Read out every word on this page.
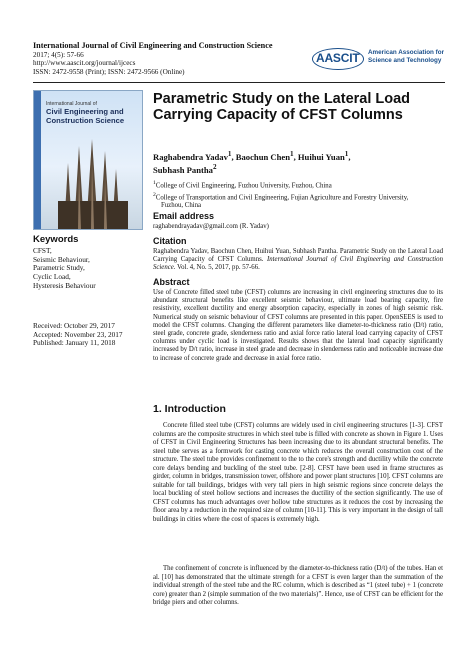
International Journal of Civil Engineering and Construction Science
2017; 4(5): 57-66
http://www.aascit.org/journal/ijcecs
ISSN: 2472-9558 (Print); ISSN: 2472-9566 (Online)
AASCIT American Association for Science and Technology
International Journal of
Civil Engineering and Construction Science
Keywords
CFST,
Seismic Behaviour,
Parametric Study,
Cyclic Load,
Hysteresis Behaviour
Received: October 29, 2017
Accepted: November 23, 2017
Published: January 11, 2018
Parametric Study on the Lateral Load Carrying Capacity of CFST Columns
Raghabendra Yadav$^1$, Baochun Chen$^1$, Huihui Yuan$^1$,
Subhash Pantha$^2$
$^1$College of Civil Engineering, Fuzhou University, Fuzhou, China
$^2$College of Transportation and Civil Engineering, Fujian Agriculture and Forestry University,
Fuzhou, China
Email address
raghabendrayadav@gmail.com (R. Yadav)
Citation
Raghabendra Yadav, Baochun Chen, Huihui Yuan, Subhash Pantha. Parametric Study on the Lateral Load Carrying Capacity of CFST Columns. International Journal of Civil Engineering and Construction Science. Vol. 4, No. 5, 2017, pp. 57-66.
Abstract
Use of Concrete filled steel tube (CFST) columns are increasing in civil engineering structures due to its abundant structural benefits like excellent seismic behaviour, ultimate load bearing capacity, fire resistivity, excellent ductility and energy absorption capacity, especially in zones of high seismic risk. Numerical study on seismic behaviour of CFST columns are presented in this paper. OpenSEES is used to model the CFST columns. Changing the different parameters like diameter-to-thickness ratio (D/t) ratio, steel grade, concrete grade, slenderness ratio and axial force ratio lateral load carrying capacity of CFST columns under cyclic load is investigated. Results shows that the lateral load capacity significantly increased by D/t ratio, increase in steel grade and decrease in slenderness ratio and noticeable increase due to increase of concrete grade and decrease in axial force ratio.
1. Introduction
Concrete filled steel tube (CFST) columns are widely used in civil engineering structures [1-3]. CFST columns are the composite structures in which steel tube is filled with concrete as shown in Figure 1. Uses of CFST in Civil Engineering Structures has been increasing due to its abundant structural benefits. The steel tube serves as a formwork for casting concrete which reduces the overall construction cost of the structure. The steel tube provides confinement to the to the core's strength and ductility while the concrete core delays bending and buckling of the steel tube. [2-8]. CFST have been used in frame structures as girder, column in bridges, transmission tower, offshore and power plant structures [10]. CFST columns are suitable for tall buildings, bridges with very tall piers in high seismic regions since concrete delays the local buckling of steel hollow sections and increases the ductility of the section significantly. The use of CFST columns has much advantages over hollow tube structures as it reduces the cost by increasing the floor area by a reduction in the required size of column [10-11]. This is very important in the design of tall buildings in cities where the cost of spaces is extremely high.
The confinement of concrete is influenced by the diameter-to-thickness ratio (D/t) of the tubes. Han et al. [10] has demonstrated that the ultimate strength for a CFST is even larger than the summation of the individual strength of the steel tube and the RC column, which is described as “1 (steel tube) + 1 (concrete core) greater than 2 (simple summation of the two materials)”. Hence, use of CFST can be efficient for the bridge piers and other columns.
